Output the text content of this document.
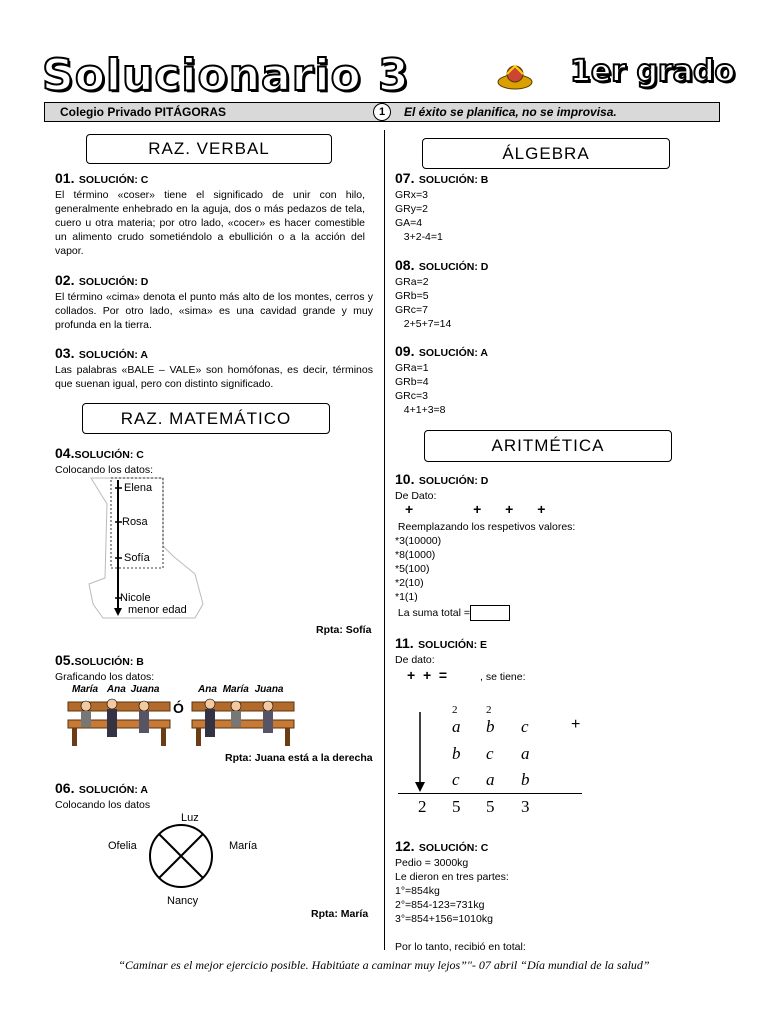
Solucionario 3	1er grado
Colegio Privado PITÁGORAS	1	El éxito se planifica, no se improvisa.
RAZ. VERBAL
01. SOLUCIÓN: C
El término «coser» tiene el significado de unir con hilo, generalmente enhebrado en la aguja, dos o más pedazos de tela, cuero u otra materia; por otro lado, «cocer» es hacer comestible un alimento crudo sometiéndolo a ebullición o a la acción del vapor.
02. SOLUCIÓN: D
El término «cima» denota el punto más alto de los montes, cerros y collados. Por otro lado, «sima» es una cavidad grande y muy profunda en la tierra.
03. SOLUCIÓN: A
Las palabras «BALE – VALE» son homófonas, es decir, términos que suenan igual, pero con distinto significado.
RAZ. MATEMÁTICO
04.SOLUCIÓN: C
Colocando los datos:
Elena
Rosa
Sofía
Nicole
menor edad
Rpta: Sofía
05.SOLUCIÓN: B
Graficando los datos:
María Ana Juana	Ana María Juana
Ó
Rpta: Juana está a la derecha
06. SOLUCIÓN: A
Colocando los datos
Luz
Ofelia	María
Nancy
Rpta: María
ÁLGEBRA
07. SOLUCIÓN: B
GRx=3
GRy=2
GA=4
3+2-4=1
08. SOLUCIÓN: D
GRa=2
GRb=5
GRc=7
2+5+7=14
09. SOLUCIÓN: A
GRa=1
GRb=4
GRc=3
4+1+3=8
ARITMÉTICA
10. SOLUCIÓN: D
De Dato:
+	+ + +
Reemplazando los respetivos valores:
*3(10000)
*8(1000)
*5(100)
*2(10)
*1(1)
La suma total =
11. SOLUCIÓN: E
De dato:
+  +  =	, se tiene:
2	2
a b c	+
b c a
c a b
2 5 5 3
12. SOLUCIÓN: C
Pedio = 3000kg
Le dieron en tres partes:
1°=854kg
2°=854-123=731kg
3°=854+156=1010kg
Por lo tanto, recibió en total:
“Caminar es el mejor ejercicio posible. Habitúate a caminar muy lejos”"- 07 abril “Día mundial de la salud”
